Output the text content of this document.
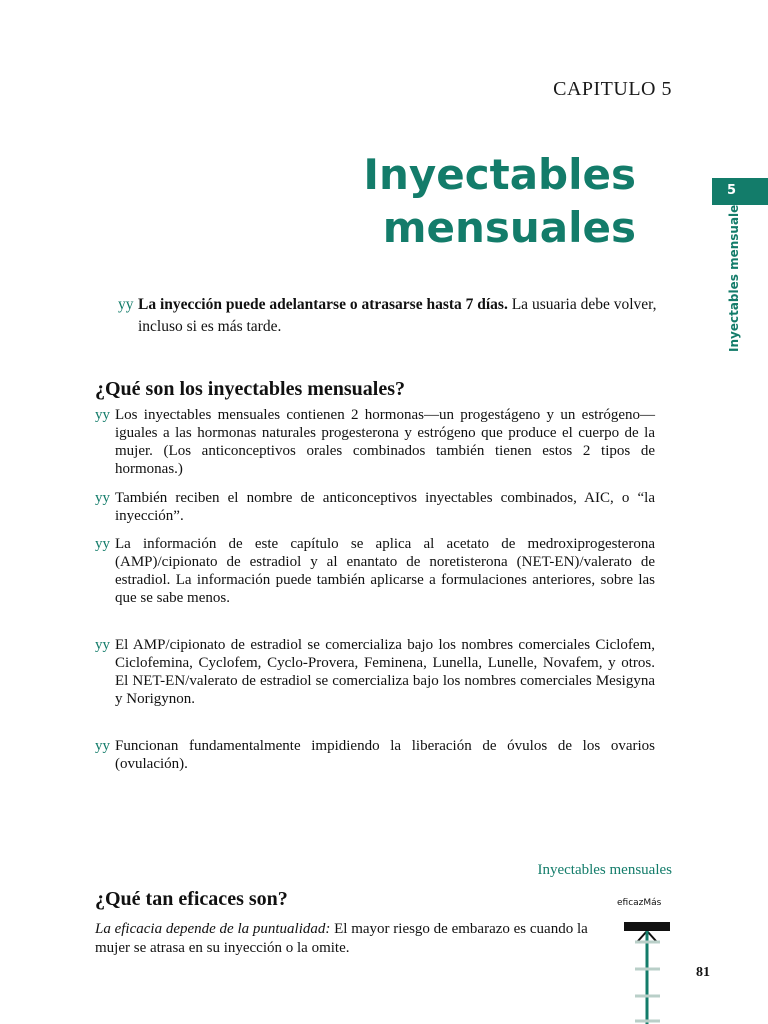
CAPITULO 5
Inyectables
mensuales
5
Inyectables mensuales
yy La inyección puede adelantarse o atrasarse hasta 7 días. La usuaria debe volver, incluso si es más tarde.
¿Qué son los inyectables mensuales?
yy Los inyectables mensuales contienen 2 hormonas—un progestágeno y un estrógeno— iguales a las hormonas naturales progesterona y estrógeno que produce el cuerpo de la mujer. (Los anticonceptivos orales combinados también tienen estos 2 tipos de hormonas.)
yy También reciben el nombre de anticonceptivos inyectables combinados, AIC, o “la inyección”.
yy La información de este capítulo se aplica al acetato de medroxiprogesterona (AMP)/cipionato de estradiol y al enantato de noretisterona (NET-EN)/valerato de estradiol. La información puede también aplicarse a formulaciones anteriores, sobre las que se sabe menos.
yy El AMP/cipionato de estradiol se comercializa bajo los nombres comerciales Ciclofem, Ciclofemina, Cyclofem, Cyclo-Provera, Feminena, Lunella, Lunelle, Novafem, y otros. El NET-EN/valerato de estradiol se comercializa bajo los nombres comerciales Mesigyna y Norigynon.
yy Funcionan fundamentalmente impidiendo la liberación de óvulos de los ovarios (ovulación).
Inyectables mensuales
¿Qué tan eficaces son?
La eficacia depende de la puntualidad: El mayor riesgo de embarazo es cuando la mujer se atrasa en su inyección o la omite.
eficazMás
81
